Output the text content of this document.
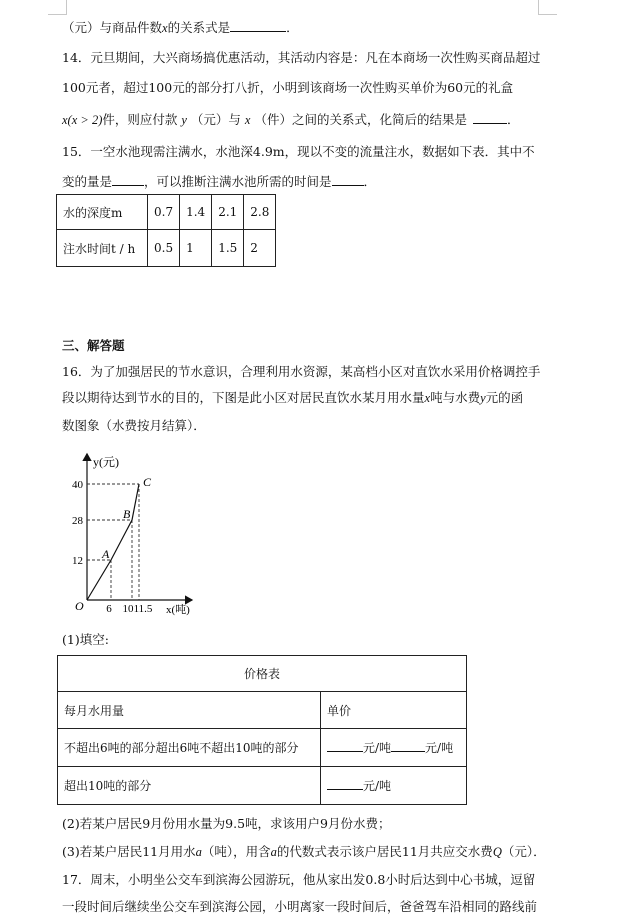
（元）与商品件数x的关系式是	．
14．元旦期间，大兴商场搞优惠活动，其活动内容是：凡在本商场一次性购买商品超过
100元者，超过100元的部分打八折，小明到该商场一次性购买单价为60元的礼盒
x(x > 2)件，则应付款 y （元）与 x （件）之间的关系式，化简后的结果是	．
15．一空水池现需注满水，水池深4.9m，现以不变的流量注水，数据如下表．其中不
变的量是	，可以推断注满水池所需的时间是	．
水的深度m	0.7	1.4	2.1	2.8
注水时间t / h	0.5	1	1.5	2
三、解答题
16．为了加强居民的节水意识，合理利用水资源，某高档小区对直饮水采用价格调控手
段以期待达到节水的目的，下图是此小区对居民直饮水某月用水量x吨与水费y元的函
数图象（水费按月结算）．
A
B
C
12
28
40
6 10 11.5
y(元)
x(吨)
O
(1)填空:
价格表	
每月水用量	单价
不超出6吨的部分超出6吨不超出10吨的部分	元/吨 元/吨
超出10吨的部分	元/吨
(2)若某户居民9月份用水量为9.5吨，求该用户9月份水费；
(3)若某户居民11月用水a（吨），用含a的代数式表示该户居民11月共应交水费Q（元）．
17．周末，小明坐公交车到滨海公园游玩，他从家出发0.8小时后达到中心书城，逗留
一段时间后继续坐公交车到滨海公园，小明离家一段时间后，爸爸驾车沿相同的路线前
